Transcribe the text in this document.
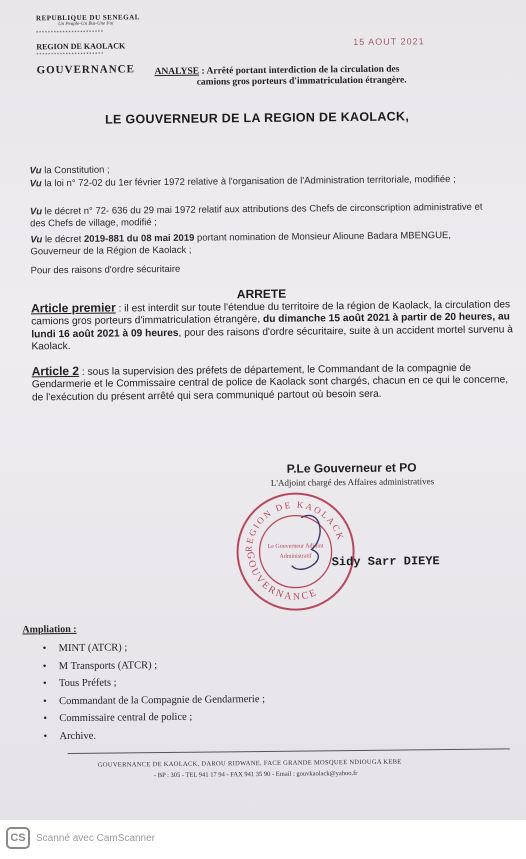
REPUBLIQUE DU SENEGAL
Un Peuple-Un But-Une Foi
***********************
REGION DE KAOLACK
***********************
GOUVERNANCE
15 AOUT 2021
ANALYSE : Arrêté portant interdiction de la circulation des
camions gros porteurs d'immatriculation étrangère.
LE GOUVERNEUR DE LA REGION DE KAOLACK,
Vu la Constitution ;
Vu la loi n° 72-02 du 1er février 1972 relative à l'organisation de l'Administration territoriale, modifiée ;
Vu le décret n° 72- 636 du 29 mai 1972 relatif aux attributions des Chefs de circonscription administrative et des Chefs de village, modifié ;
Vu le décret 2019-881 du 08 mai 2019 portant nomination de Monsieur Alioune Badara MBENGUE, Gouverneur de la Région de Kaolack ;
Pour des raisons d'ordre sécuritaire
ARRETE
Article premier : il est interdit sur toute l'étendue du territoire de la région de Kaolack, la circulation des camions gros porteurs d'immatriculation étrangère, du dimanche 15 août 2021 à partir de 20 heures, au lundi 16 août 2021 à 09 heures, pour des raisons d'ordre sécuritaire, suite à un accident mortel survenu à Kaolack.
Article 2 : sous la supervision des préfets de département, le Commandant de la compagnie de Gendarmerie et le Commissaire central de police de Kaolack sont chargés, chacun en ce qui le concerne, de l'exécution du présent arrêté qui sera communiqué partout où besoin sera.
REGION DE KAOLACK
GOUVERNANCE
Le Gouverneur Adjoint
Administratif
P.Le Gouverneur et PO
L'Adjoint chargé des Affaires administratives
Sidy Sarr DIEYE
Ampliation :
•	MINT (ATCR) ;
•	M Transports (ATCR) ;
•	Tous Préfets ;
•	Commandant de la Compagnie de Gendarmerie ;
•	Commissaire central de police ;
•	Archive.
GOUVERNANCE DE KAOLACK, DAROU RIDWANE, FACE GRANDE MOSQUEE NDIOUGA KEBE
- BP : 305 - TEL 941 17 94 - FAX 941 35 90 - Email : gouvkaolack@yahoo.fr
CS	Scanné avec CamScanner
